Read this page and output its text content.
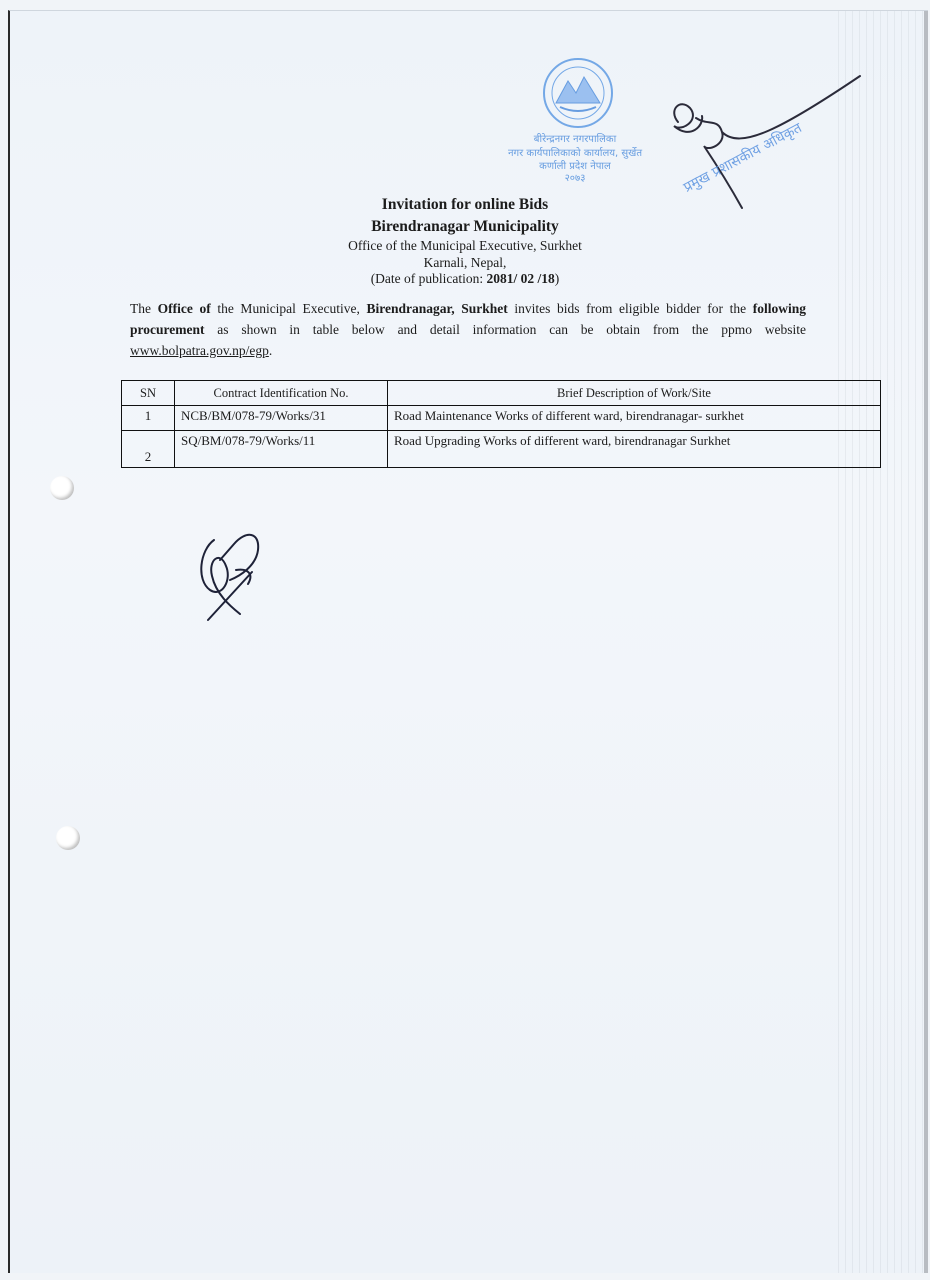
बीरेन्द्रनगर नगरपालिका
नगर कार्यपालिकाको कार्यालय, सुर्खेत
कर्णाली प्रदेश नेपाल
२०७३	प्रमुख प्रशासकीय अधिकृत
Invitation for online Bids
Birendranagar Municipality
Office of the Municipal Executive, Surkhet
Karnali, Nepal,
(Date of publication: 2081/ 02 /18)
The Office of the Municipal Executive, Birendranagar, Surkhet invites bids from eligible bidder for the following procurement as shown in table below and detail information can be obtain from the ppmo website www.bolpatra.gov.np/egp.
SN	Contract Identification No.	Brief Description of Work/Site
1	NCB/BM/078-79/Works/31	Road Maintenance Works of different ward, birendranagar- surkhet
2	SQ/BM/078-79/Works/11	Road Upgrading Works of different ward, birendranagar Surkhet
